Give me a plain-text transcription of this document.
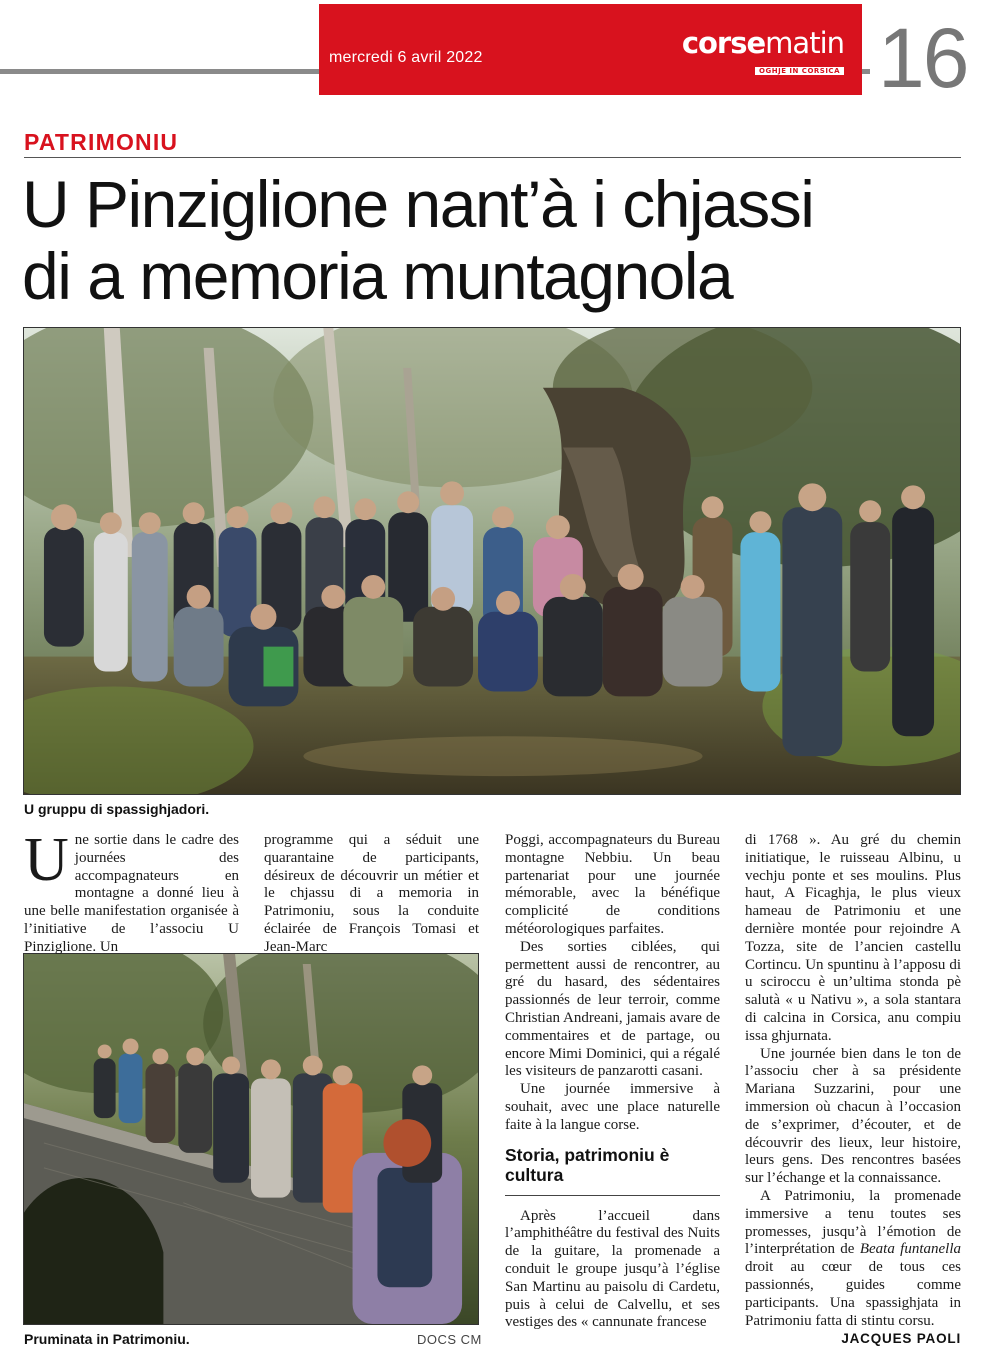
mercredi 6 avril 2022	corsematin
OGHJE IN CORSICA 16
PATRIMONIU
U Pinziglione nant’à i chjassi
di a memoria muntagnola
U gruppu di spassighjadori.
Pruminata in Patrimoniu.	DOCS CM

Une sortie dans le cadre des journées des accompagnateurs en montagne a donné lieu à une belle manifestation organisée à l’initiative de l’associu U Pinziglione. Un

programme qui a séduit une quarantaine de participants, désireux de découvrir un métier et le chjassu di a memoria in Patrimoniu, sous la conduite éclairée de François Tomasi et Jean-Marc

Poggi, accompagnateurs du Bureau montagne Nebbiu. Un beau partenariat pour une journée mémorable, avec la bénéfique complicité de conditions météorologiques parfaites.

Des sorties ciblées, qui permettent aussi de rencontrer, au gré du hasard, des sédentaires passionnés de leur terroir, comme Christian Andreani, jamais avare de commentaires et de partage, ou encore Mimi Dominici, qui a régalé les visiteurs de panzarotti casani.

Une journée immersive à souhait, avec une place naturelle faite à la langue corse.

Storia, patrimoniu è cultura

Après l’accueil dans l’amphithéâtre du festival des Nuits de la guitare, la promenade a conduit le groupe jusqu’à l’église San Martinu au paisolu di Cardetu, puis à celui de Calvellu, et ses vestiges des « cannunate francese

di 1768 ». Au gré du chemin initiatique, le ruisseau Albinu, u vechju ponte et ses moulins. Plus haut, A Ficaghja, le plus vieux hameau de Patrimoniu et une dernière montée pour rejoindre A Tozza, site de l’ancien castellu Cortincu. Un spuntinu à l’apposu di u sciroccu è un’ultima stonda pè salutà « u Nativu », a sola stantara di calcina in Corsica, anu compiu issa ghjurnata.

Une journée bien dans le ton de l’associu cher à sa présidente Mariana Suzzarini, pour une immersion où chacun à l’occasion de s’exprimer, d’écouter, et de découvrir des lieux, leur histoire, leurs gens. Des rencontres basées sur l’échange et la connaissance.

A Patrimoniu, la promenade immersive a tenu toutes ses promesses, jusqu’à l’émotion de l’interprétation de Beata funtanella droit au cœur de tous ces passionnés, guides comme participants. Una spassighjata in Patrimoniu fatta di stintu corsu.

JACQUES PAOLI
